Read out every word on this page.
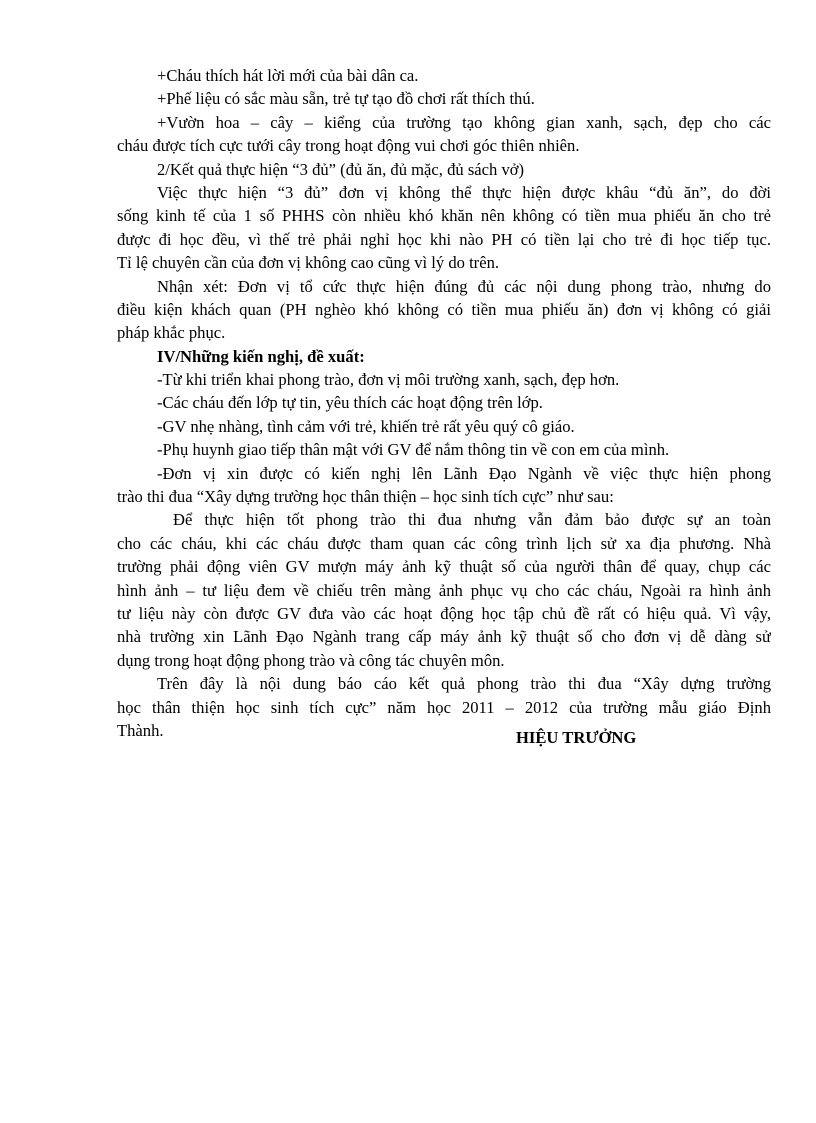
+Cháu thích hát lời mới của bài dân ca.
+Phế liệu có sắc màu sẵn, trẻ tự tạo đồ chơi rất thích thú.
+Vườn hoa – cây – kiểng của trường tạo không gian xanh, sạch, đẹp cho các
cháu được tích cực tưới cây trong hoạt động vui chơi góc thiên nhiên.
2/Kết quả thực hiện “3 đủ” (đủ ăn, đủ mặc, đủ sách vở)
Việc thực hiện “3 đủ” đơn vị không thể thực hiện được khâu “đủ ăn”, do đời
sống kinh tế của 1 số PHHS còn nhiều khó khăn nên không có tiền mua phiếu ăn cho trẻ
được đi học đều, vì thế trẻ phải nghỉ học khi nào PH có tiền lại cho trẻ đi học tiếp tục.
Tỉ lệ chuyên cần của đơn vị không cao cũng vì lý do trên.
Nhận xét: Đơn vị tổ cức thực hiện đúng đủ các nội dung phong trào, nhưng do
điều kiện khách quan (PH nghèo khó không có tiền mua phiếu ăn) đơn vị không có giải
pháp khắc phục.
IV/Những kiến nghị, đề xuất:
-Từ khi triển khai phong trào, đơn vị môi trường xanh, sạch, đẹp hơn.
-Các cháu đến lớp tự tin, yêu thích các hoạt động trên lớp.
-GV nhẹ nhàng, tình cảm với trẻ, khiến trẻ rất yêu quý cô giáo.
-Phụ huynh giao tiếp thân mật với GV để nắm thông tin về con em của mình.
-Đơn vị xin được có kiến nghị lên Lãnh Đạo Ngành về việc thực hiện phong
trào thi đua “Xây dựng trường học thân thiện – học sinh tích cực” như sau:
Để thực hiện tốt phong trào thi đua nhưng vẫn đảm bảo được sự an toàn
cho các cháu, khi các cháu được tham quan các công trình lịch sử xa địa phương. Nhà
trường phải động viên GV mượn máy ảnh kỹ thuật số của người thân để quay, chụp các
hình ảnh – tư liệu đem về chiếu trên màng ảnh phục vụ cho các cháu, Ngoài ra hình ảnh
tư liệu này còn được GV đưa vào các hoạt động học tập chủ đề rất có hiệu quả. Vì vậy,
nhà trường xin Lãnh Đạo Ngành trang cấp máy ảnh kỹ thuật số cho đơn vị dễ dàng sử
dụng trong hoạt động phong trào và công tác chuyên môn.
Trên đây là nội dung báo cáo kết quả phong trào thi đua “Xây dựng trường
học thân thiện học sinh tích cực” năm học 2011 – 2012 của trường mẫu giáo Định
Thành.	HIỆU TRƯỞNG
